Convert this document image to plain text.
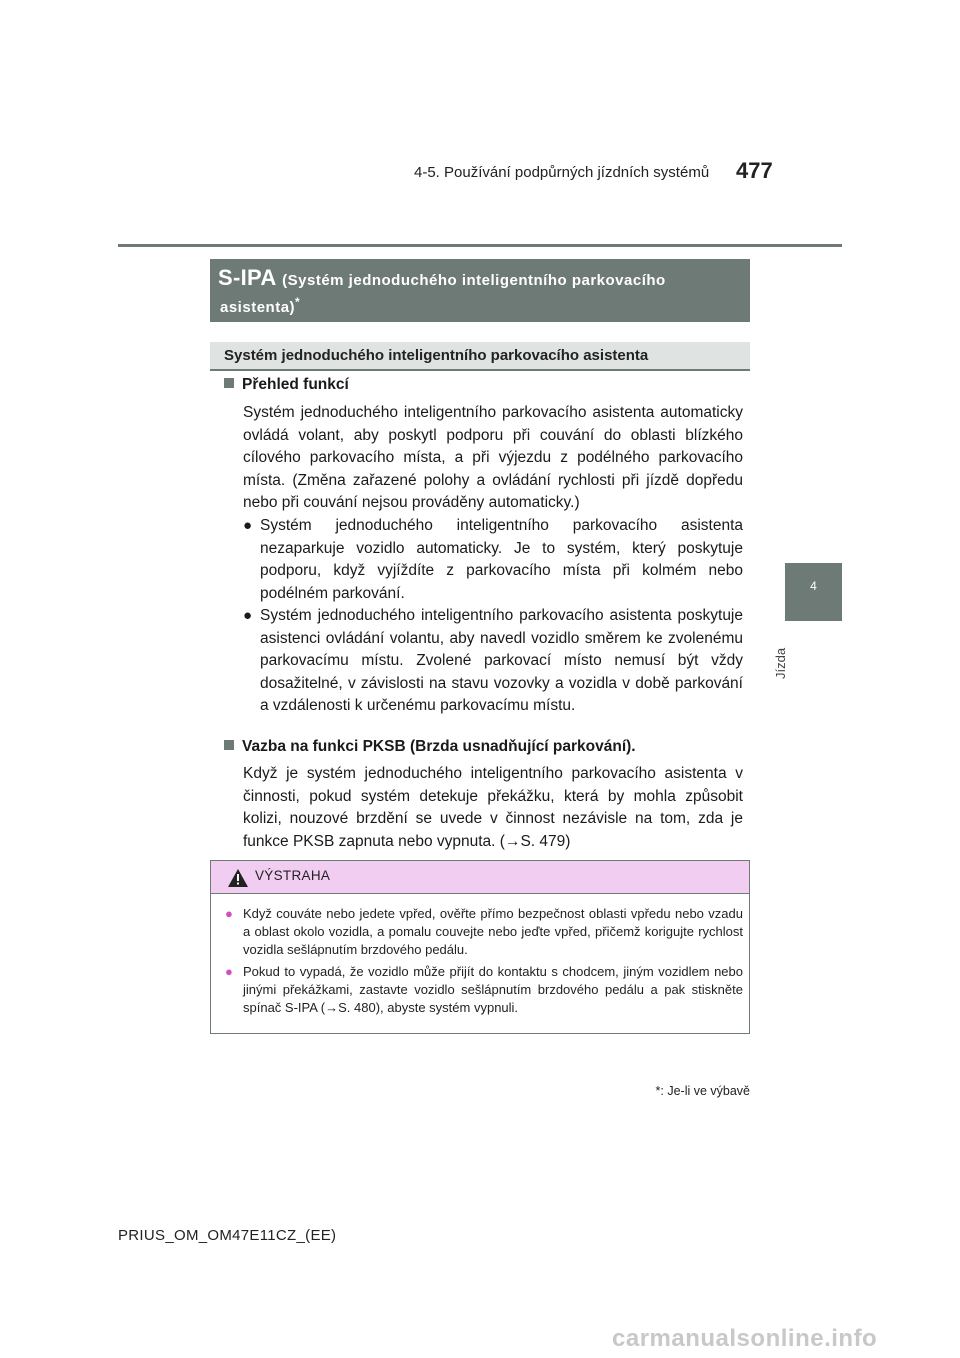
4-5. Používání podpůrných jízdních systémů 477
4
Jízda
S-IPA (Systém jednoduchého inteligentního parkovacího
asistenta)*
Systém jednoduchého inteligentního parkovacího asistenta
Přehled funkcí
Systém jednoduchého inteligentního parkovacího asistenta automaticky ovládá volant, aby poskytl podporu při couvání do oblasti blízkého cílového parkovacího místa, a při výjezdu z podélného parkovacího místa. (Změna zařazené polohy a ovládání rychlosti při jízdě dopředu nebo při couvání nejsou prováděny automaticky.)
● Systém jednoduchého inteligentního parkovacího asistenta nezaparkuje vozidlo automaticky. Je to systém, který poskytuje podporu, když vyjíždíte z parkovacího místa při kolmém nebo podélném parkování.
● Systém jednoduchého inteligentního parkovacího asistenta poskytuje asistenci ovládání volantu, aby navedl vozidlo směrem ke zvolenému parkovacímu místu. Zvolené parkovací místo nemusí být vždy dosažitelné, v závislosti na stavu vozovky a vozidla v době parkování a vzdálenosti k určenému parkovacímu místu.
Vazba na funkci PKSB (Brzda usnadňující parkování).
Když je systém jednoduchého inteligentního parkovacího asistenta v činnosti, pokud systém detekuje překážku, která by mohla způsobit kolizi, nouzové brzdění se uvede v činnost nezávisle na tom, zda je funkce PKSB zapnuta nebo vypnuta. (→S. 479)
VÝSTRAHA
● Když couváte nebo jedete vpřed, ověřte přímo bezpečnost oblasti vpředu nebo vzadu a oblast okolo vozidla, a pomalu couvejte nebo jeďte vpřed, přičemž korigujte rychlost vozidla sešlápnutím brzdového pedálu.
● Pokud to vypadá, že vozidlo může přijít do kontaktu s chodcem, jiným vozidlem nebo jinými překážkami, zastavte vozidlo sešlápnutím brzdového pedálu a pak stiskněte spínač S-IPA (→S. 480), abyste systém vypnuli.
*: Je-li ve výbavě
PRIUS_OM_OM47E11CZ_(EE)
carmanualsonline.info
